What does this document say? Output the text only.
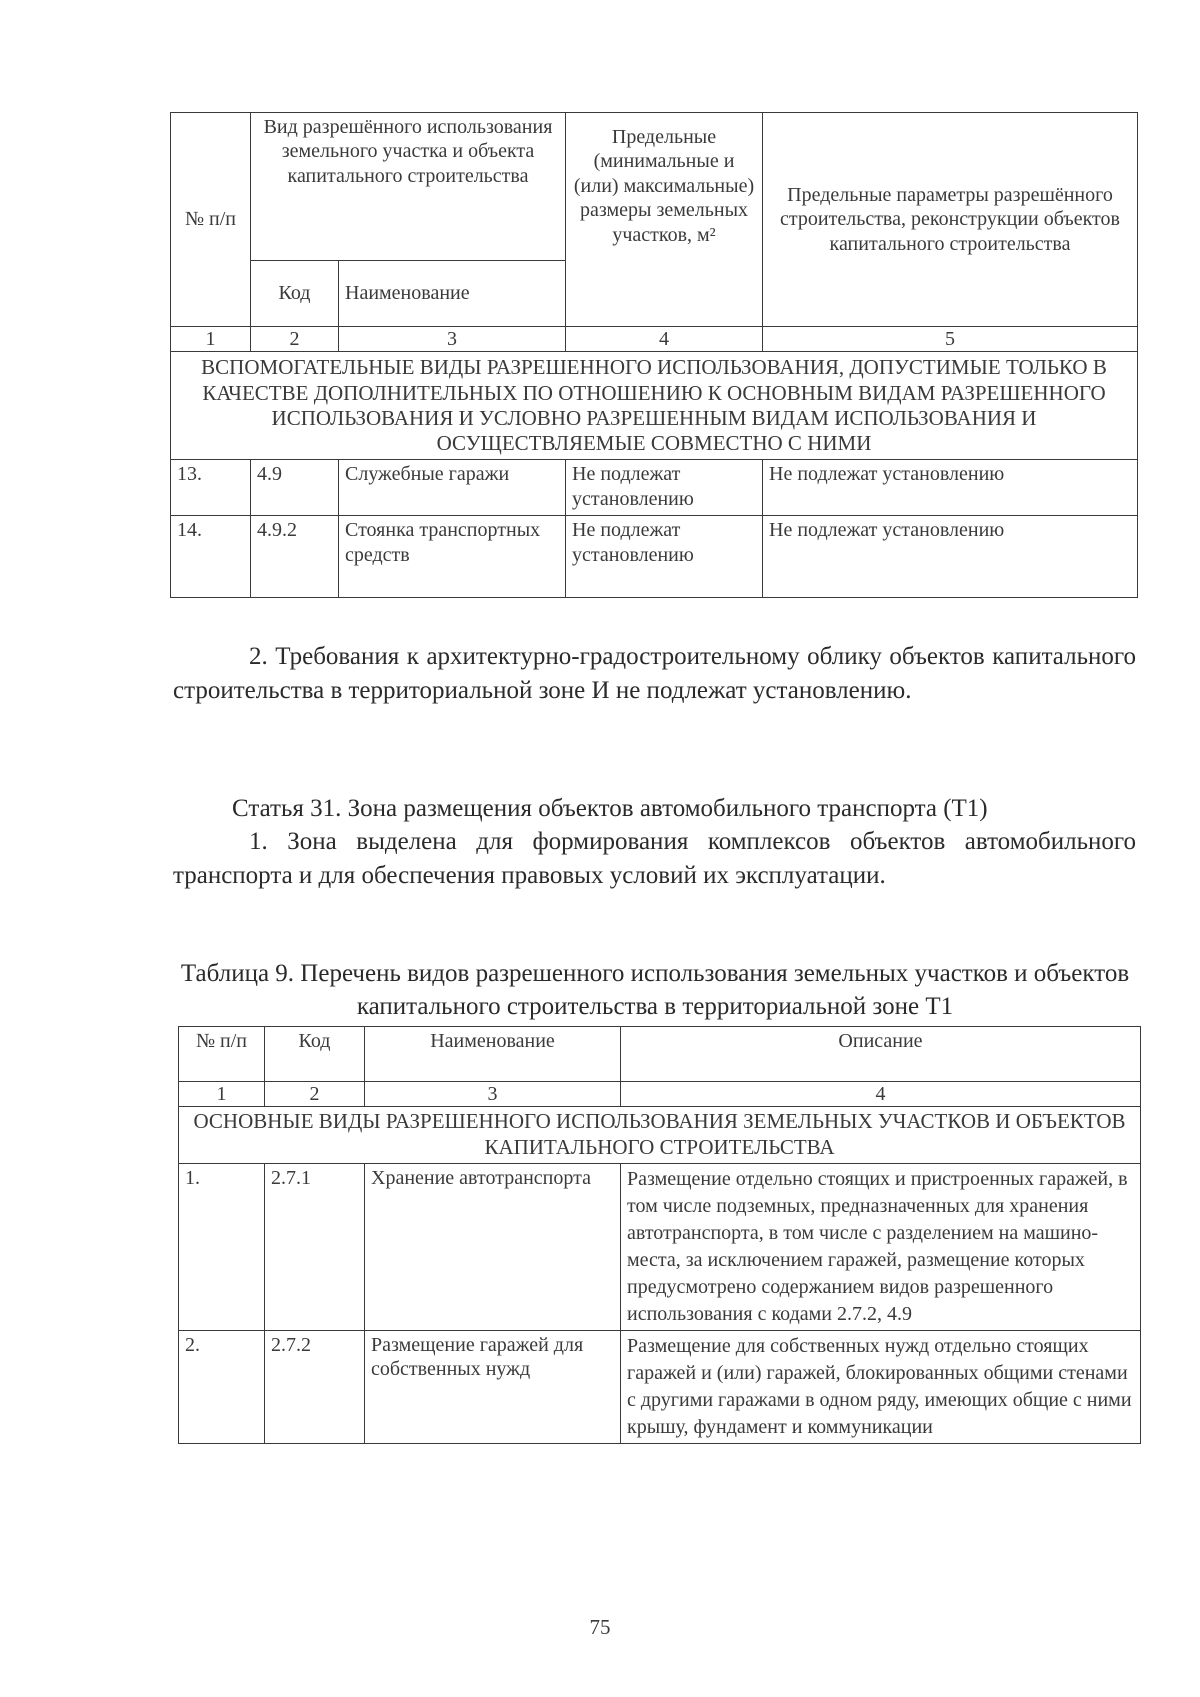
№ п/п	Вид разрешённого использования земельного участка и объекта капитального строительства		Предельные (минимальные и (или) максимальные) размеры земельных участков, м²	Предельные параметры разрешённого строительства, реконструкции объектов капитального строительства
	Код	Наименование		
1	2	3	4	5
ВСПОМОГАТЕЛЬНЫЕ ВИДЫ РАЗРЕШЕННОГО ИСПОЛЬЗОВАНИЯ, ДОПУСТИМЫЕ ТОЛЬКО В КАЧЕСТВЕ ДОПОЛНИТЕЛЬНЫХ ПО ОТНОШЕНИЮ К ОСНОВНЫМ ВИДАМ РАЗРЕШЕННОГО ИСПОЛЬЗОВАНИЯ И УСЛОВНО РАЗРЕШЕННЫМ ВИДАМ ИСПОЛЬЗОВАНИЯ И ОСУЩЕСТВЛЯЕМЫЕ СОВМЕСТНО С НИМИ				
13.	4.9	Служебные гаражи	Не подлежат установлению	Не подлежат установлению
14.	4.9.2	Стоянка транспортных средств	Не подлежат установлению	Не подлежат установлению
2. Требования к архитектурно-градостроительному облику объектов капитального строительства в территориальной зоне И не подлежат установлению.
Статья 31. Зона размещения объектов автомобильного транспорта (Т1)
1. Зона выделена для формирования комплексов объектов автомобильного транспорта и для обеспечения правовых условий их эксплуатации.
Таблица 9. Перечень видов разрешенного использования земельных участков и объектов капитального строительства в территориальной зоне Т1
№ п/п	Код	Наименование	Описание
1	2	3	4
ОСНОВНЫЕ ВИДЫ РАЗРЕШЕННОГО ИСПОЛЬЗОВАНИЯ ЗЕМЕЛЬНЫХ УЧАСТКОВ И ОБЪЕКТОВ КАПИТАЛЬНОГО СТРОИТЕЛЬСТВА			
1.	2.7.1	Хранение автотранспорта	Размещение отдельно стоящих и пристроенных гаражей, в том числе подземных, предназначенных для хранения автотранспорта, в том числе с разделением на машино-места, за исключением гаражей, размещение которых предусмотрено содержанием видов разрешенного использования с кодами 2.7.2, 4.9
2.	2.7.2	Размещение гаражей для собственных нужд	Размещение для собственных нужд отдельно стоящих гаражей и (или) гаражей, блокированных общими стенами с другими гаражами в одном ряду, имеющих общие с ними крышу, фундамент и коммуникации
75
